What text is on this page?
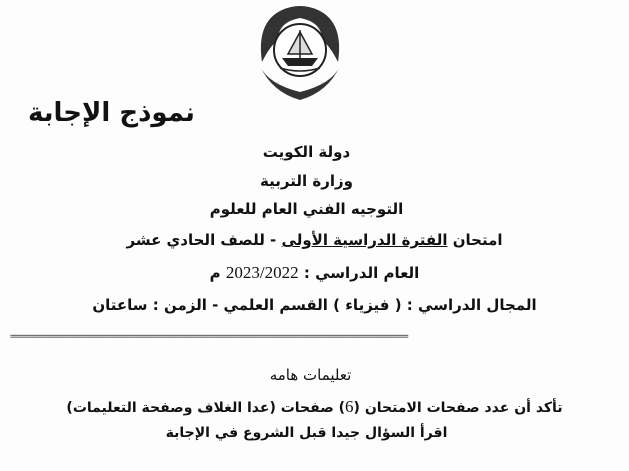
نموذج الإجابة
دولة الكويت
وزارة التربية
التوجيه الفني العام للعلوم
امتحان الفترة الدراسية الأولى - للصف الحادي عشر
العام الدراسي : 2023/2022 م
المجال الدراسي : ( فيزياء ) القسم العلمي - الزمن : ساعتان
==========================================================================================
تعليمات هامه
تأكد أن عدد صفحات الامتحان (6) صفحات (عدا الغلاف وصفحة التعليمات)
اقرأ السؤال جيدا قبل الشروع في الإجابة
